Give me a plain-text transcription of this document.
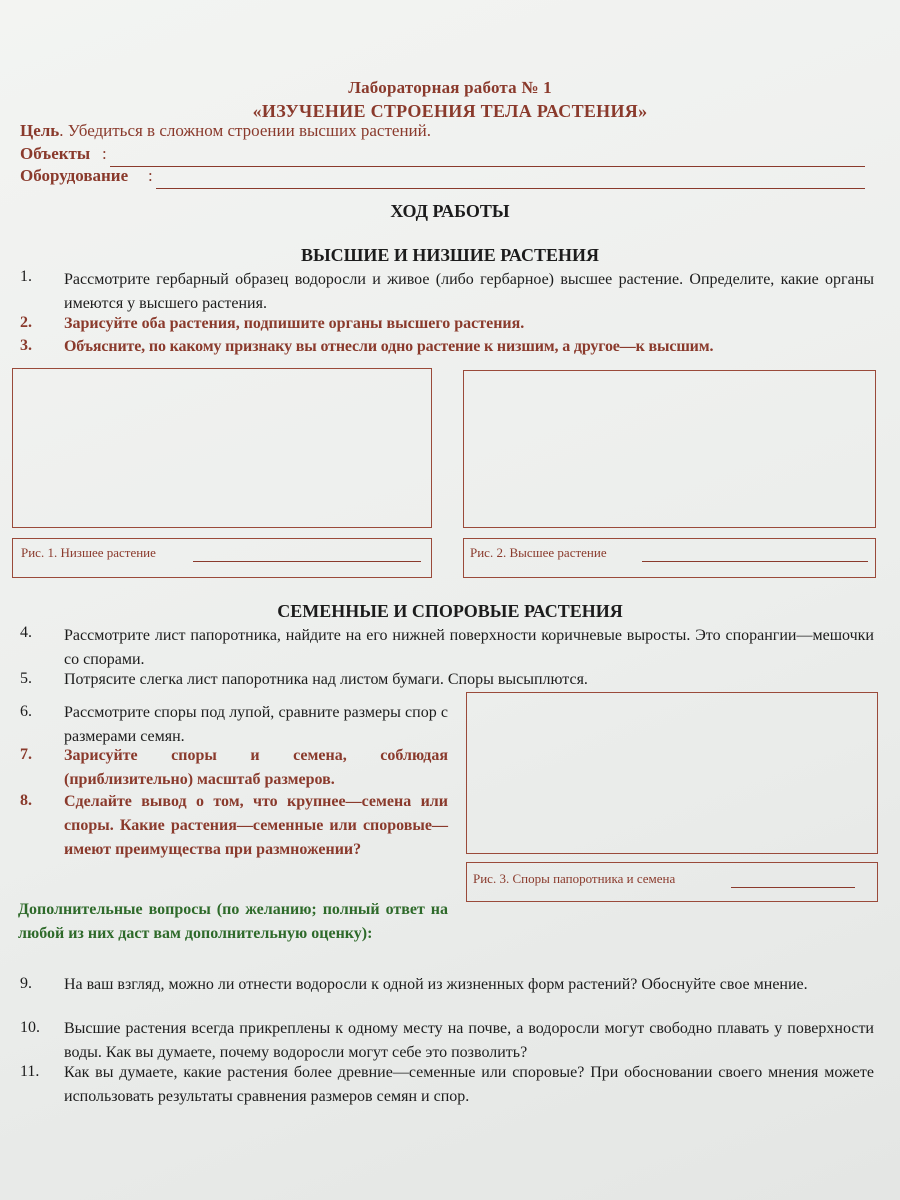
Лабораторная работа № 1
«ИЗУЧЕНИЕ СТРОЕНИЯ ТЕЛА РАСТЕНИЯ»
Цель. Убедиться в сложном строении высших растений.
Объекты :
Оборудование :
ХОД РАБОТЫ
ВЫСШИЕ И НИЗШИЕ РАСТЕНИЯ
1. Рассмотрите гербарный образец водоросли и живое (либо гербарное) высшее растение. Определите, какие органы имеются у высшего растения.
2. Зарисуйте оба растения, подпишите органы высшего растения.
3. Объясните, по какому признаку вы отнесли одно растение к низшим, а другое—к высшим.
Рис. 1. Низшее растение	Рис. 2. Высшее растение
СЕМЕННЫЕ И СПОРОВЫЕ РАСТЕНИЯ
4. Рассмотрите лист папоротника, найдите на его нижней поверхности коричневые выросты. Это спорангии—мешочки со спорами.
5. Потрясите слегка лист папоротника над листом бумаги. Споры высыплются.
6. Рассмотрите споры под лупой, сравните размеры спор с размерами семян.
7. Зарисуйте споры и семена, соблюдая (приблизительно) масштаб размеров.
8. Сделайте вывод о том, что крупнее—семена или споры. Какие растения—семенные или споровые—имеют преимущества при размножении?
Рис. 3. Споры папоротника и семена
Дополнительные вопросы (по желанию; полный ответ на любой из них даст вам дополнительную оценку):
9. На ваш взгляд, можно ли отнести водоросли к одной из жизненных форм растений? Обоснуйте свое мнение.
10. Высшие растения всегда прикреплены к одному месту на почве, а водоросли могут свободно плавать у поверхности воды. Как вы думаете, почему водоросли могут себе это позволить?
11. Как вы думаете, какие растения более древние—семенные или споровые? При обосновании своего мнения можете использовать результаты сравнения размеров семян и спор.
